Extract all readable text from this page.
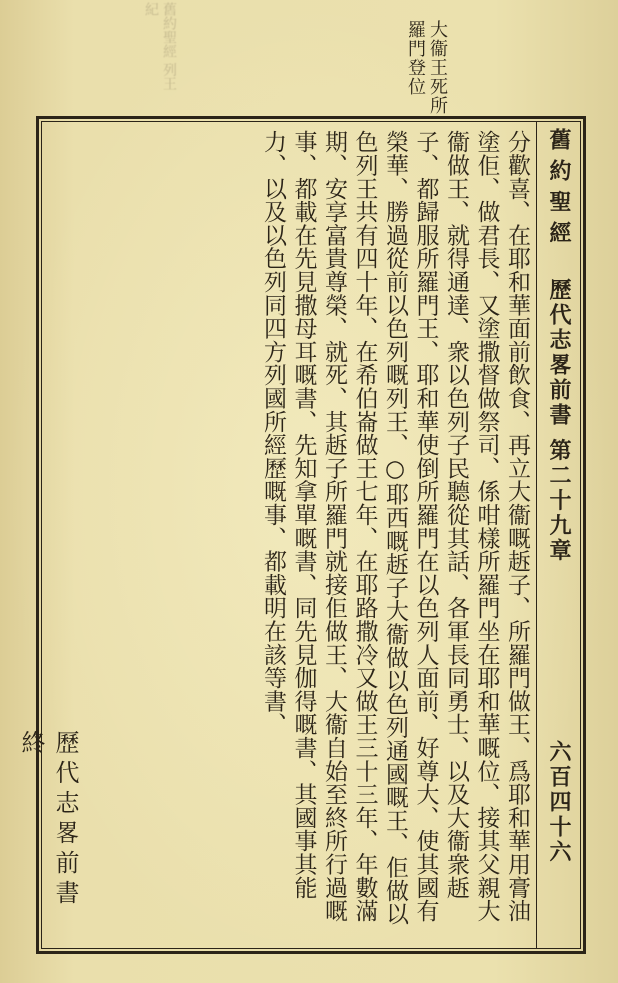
舊約聖經 列王紀
大衞王死所羅門登位
舊約聖經
歷代志畧前書 第二十九章
六百四十六
分歡喜、在耶和華面前飲食、再立大衞嘅䞣子、所羅門做王、爲耶和華用膏油塗佢、做君長、又塗撒督做祭司、係咁樣所羅門坐在耶和華嘅位、接其父親大衞做王、就得通達、衆以色列子民聽從其話、各軍長同勇士、以及大衞衆䞣子、都歸服所羅門王、耶和華使倒所羅門在以色列人面前、好尊大、使其國有榮華、勝過從前以色列嘅列王、○耶西嘅䞣子大衞做以色列通國嘅王、佢做以色列王共有四十年、在希伯崙做王七年、在耶路撒冷又做王三十三年、年數滿期、安享富貴尊榮、就死、其䞣子所羅門就接佢做王、大衞自始至終所行過嘅事、都載在先見撒母耳嘅書、先知拿單嘅書、同先見伽得嘅書、其國事其能力、以及以色列同四方列國所經歷嘅事、都載明在該等書、
歷代志畧前書終
